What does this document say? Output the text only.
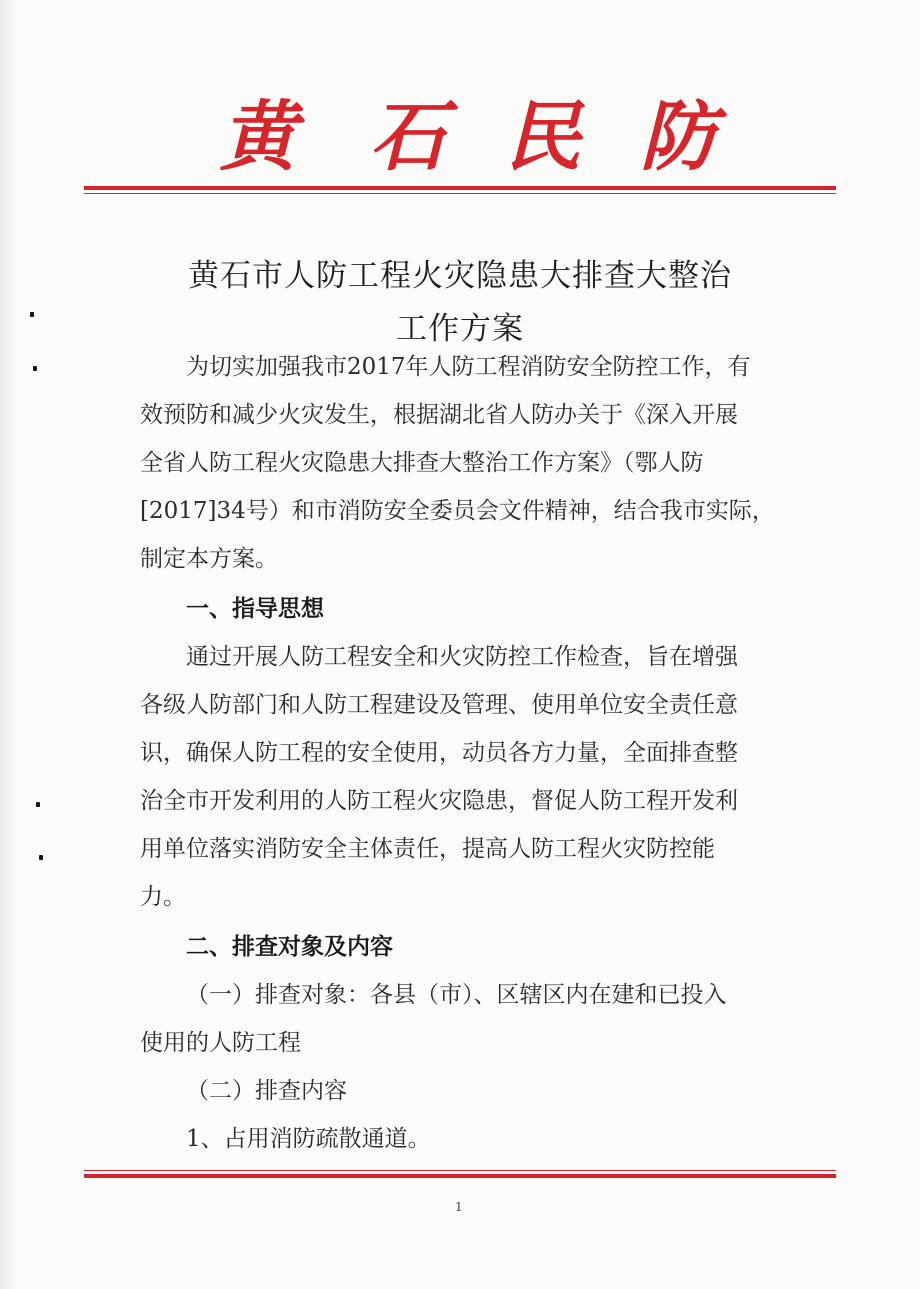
黄 石 民 防
黄石市人防工程火灾隐患大排查大整治
工作方案
为切实加强我市2017年人防工程消防安全防控工作，有
效预防和减少火灾发生，根据湖北省人防办关于《深入开展
全省人防工程火灾隐患大排查大整治工作方案》（鄂人防
[2017]34号）和市消防安全委员会文件精神，结合我市实际，
制定本方案。
一、指导思想
通过开展人防工程安全和火灾防控工作检查，旨在增强
各级人防部门和人防工程建设及管理、使用单位安全责任意
识，确保人防工程的安全使用，动员各方力量，全面排查整
治全市开发利用的人防工程火灾隐患，督促人防工程开发利
用单位落实消防安全主体责任，提高人防工程火灾防控能
力。
二、排查对象及内容
（一）排查对象：各县（市）、区辖区内在建和已投入
使用的人防工程
（二）排查内容
1、占用消防疏散通道。
1
